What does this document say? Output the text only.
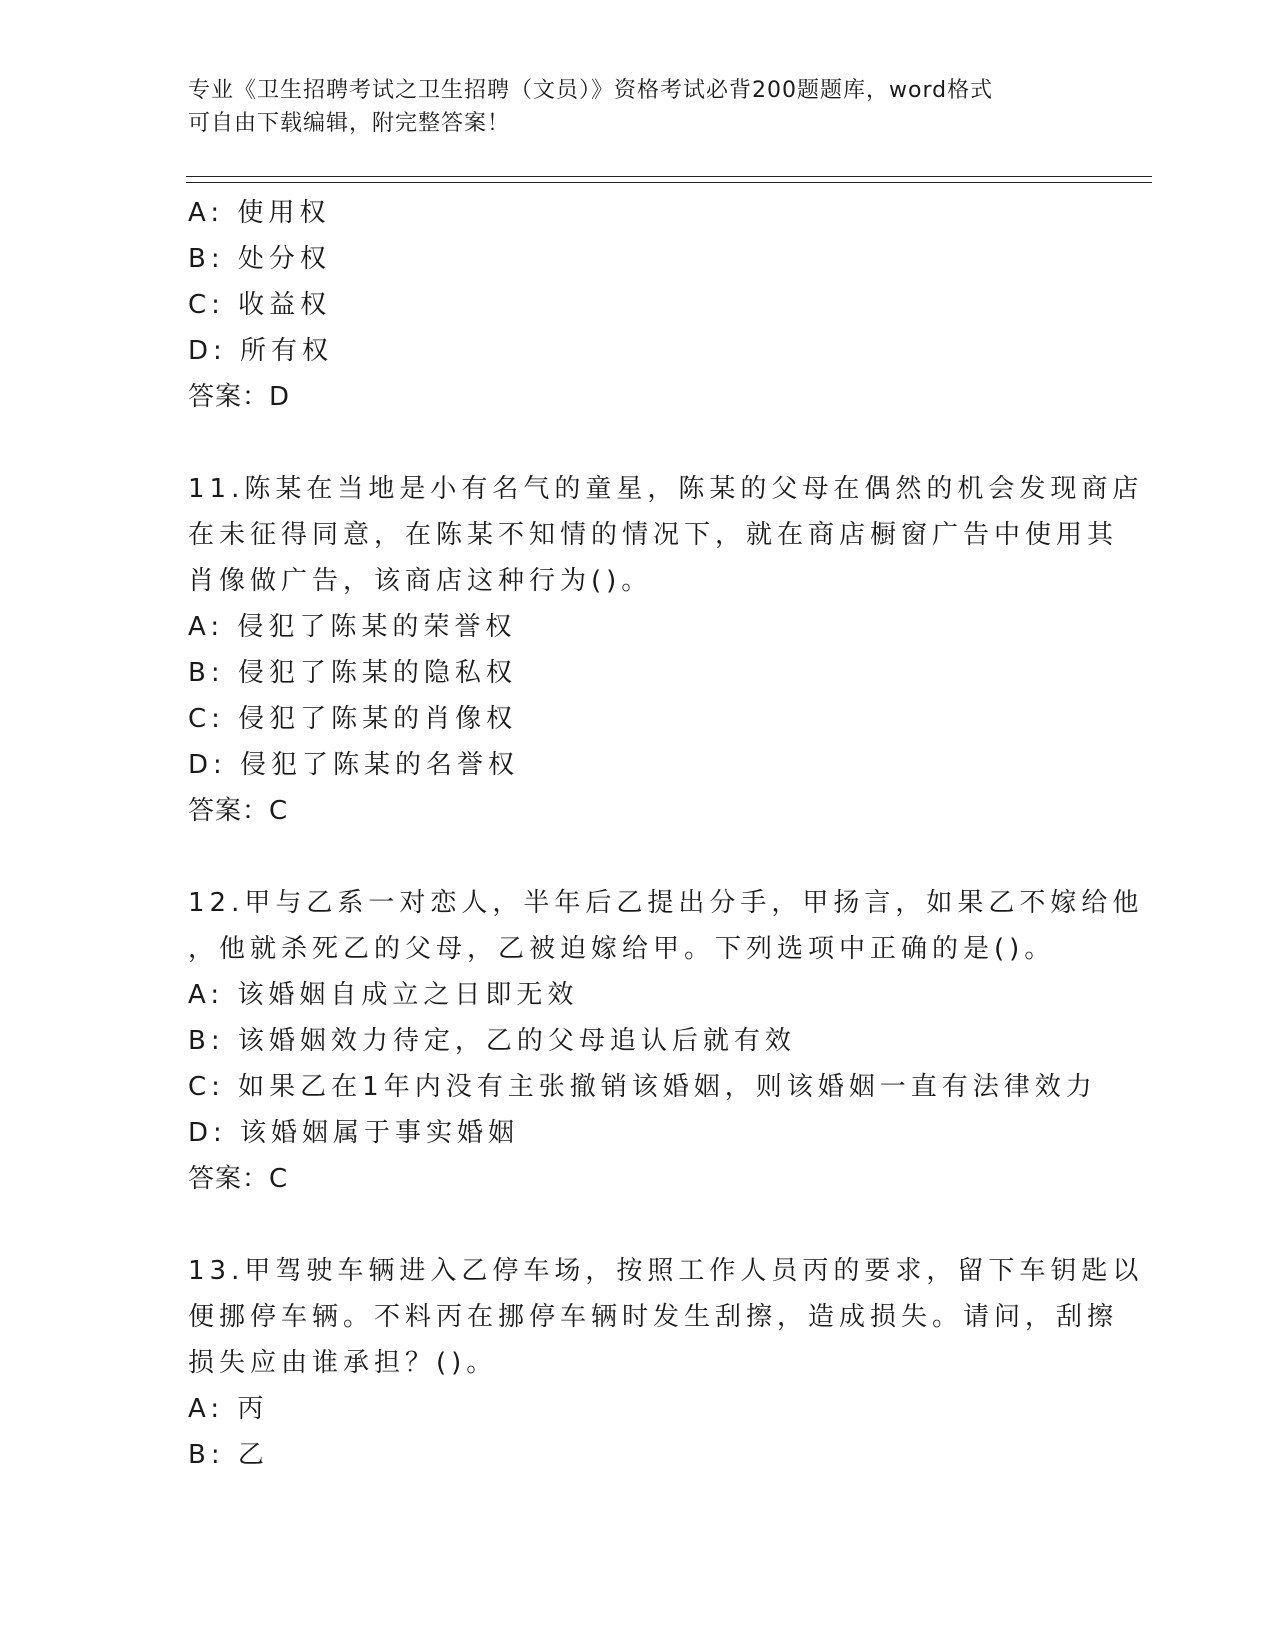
专业《卫生招聘考试之卫生招聘（文员）》资格考试必背200题题库，word格式
可自由下载编辑，附完整答案！
A: 使用权
B: 处分权
C: 收益权
D: 所有权
答案：D
11.陈某在当地是小有名气的童星，陈某的父母在偶然的机会发现商店
在未征得同意，在陈某不知情的情况下，就在商店橱窗广告中使用其
肖像做广告，该商店这种行为()。
A: 侵犯了陈某的荣誉权
B: 侵犯了陈某的隐私权
C: 侵犯了陈某的肖像权
D: 侵犯了陈某的名誉权
答案：C
12.甲与乙系一对恋人，半年后乙提出分手，甲扬言，如果乙不嫁给他
，他就杀死乙的父母，乙被迫嫁给甲。下列选项中正确的是()。
A: 该婚姻自成立之日即无效
B: 该婚姻效力待定，乙的父母追认后就有效
C: 如果乙在1年内没有主张撤销该婚姻，则该婚姻一直有法律效力
D: 该婚姻属于事实婚姻
答案：C
13.甲驾驶车辆进入乙停车场，按照工作人员丙的要求，留下车钥匙以
便挪停车辆。不料丙在挪停车辆时发生刮擦，造成损失。请问，刮擦
损失应由谁承担？()。
A: 丙
B: 乙
